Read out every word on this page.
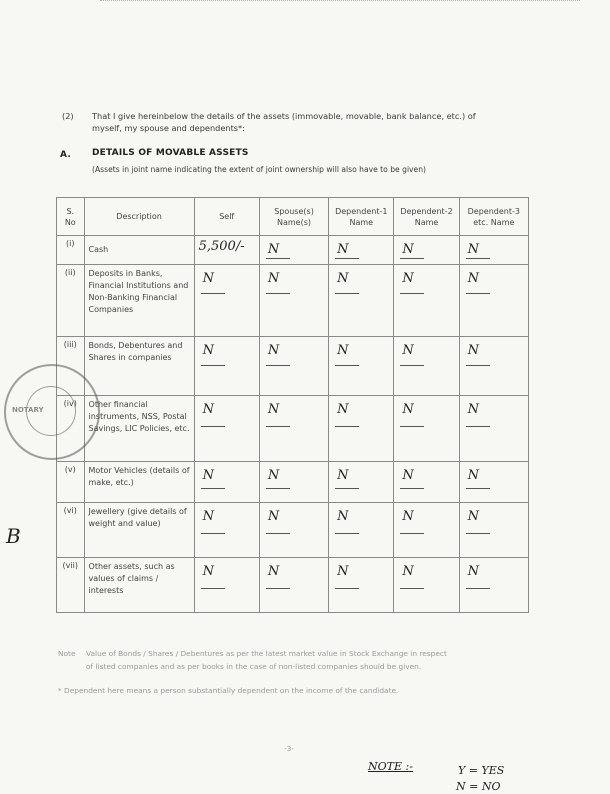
(2) That I give hereinbelow the details of the assets (immovable, movable, bank balance, etc.) of
myself, my spouse and dependents*:
A. DETAILS OF MOVABLE ASSETS
(Assets in joint name indicating the extent of joint ownership will also have to be given)
S. No	Description	Self	Spouse(s) Name(s)	Dependent-1 Name	Dependent-2 Name	Dependent-3 etc. Name
(i)	Cash	5,500/-	N	N	N	N

(ii)	Deposits in Banks, Financial Institutions and Non-Banking Financial Companies	N	N	N	N	N

(iii)	Bonds, Debentures and Shares in companies	N	N	N	N	N

(iv)	Other financial instruments, NSS, Postal Savings, LIC Policies, etc.	N	N	N	N	N

(v)	Motor Vehicles (details of make, etc.)	N	N	N	N	N

(vi)	Jewellery (give details of weight and value)	N	N	N	N	N

(vii)	Other assets, such as values of claims / interests	N	N	N	N	N
NOTARY
B
Note Value of Bonds / Shares / Debentures as per the latest market value in Stock Exchange in respect
of listed companies and as per books in the case of non-listed companies should be given.
* Dependent here means a person substantially dependent on the income of the candidate.
-3-
NOTE :-	Y = YES
N = NO
